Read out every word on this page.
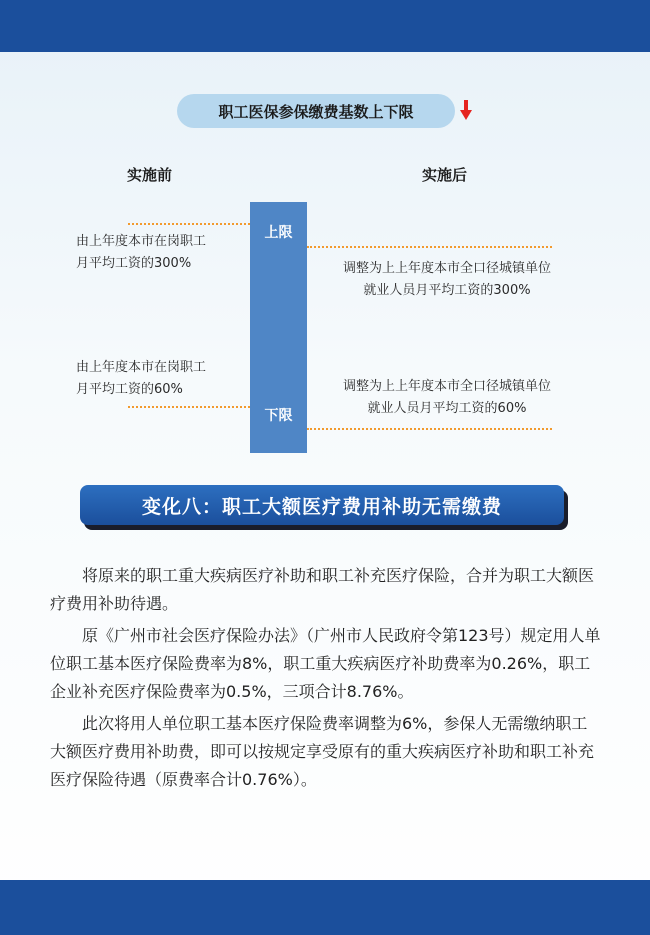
职工医保参保缴费基数上下限
实施前	实施后
上限
下限
由上年度本市在岗职工
月平均工资的300%
由上年度本市在岗职工
月平均工资的60%
调整为上上年度本市全口径城镇单位
就业人员月平均工资的300%
调整为上上年度本市全口径城镇单位
就业人员月平均工资的60%
变化八：职工大额医疗费用补助无需缴费

将原来的职工重大疾病医疗补助和职工补充医疗保险，合并为职工大额医疗费用补助待遇。

原《广州市社会医疗保险办法》（广州市人民政府令第123号）规定用人单位职工基本医疗保险费率为8%，职工重大疾病医疗补助费率为0.26%，职工企业补充医疗保险费率为0.5%，三项合计8.76%。

此次将用人单位职工基本医疗保险费率调整为6%，参保人无需缴纳职工大额医疗费用补助费，即可以按规定享受原有的重大疾病医疗补助和职工补充医疗保险待遇（原费率合计0.76%）。
